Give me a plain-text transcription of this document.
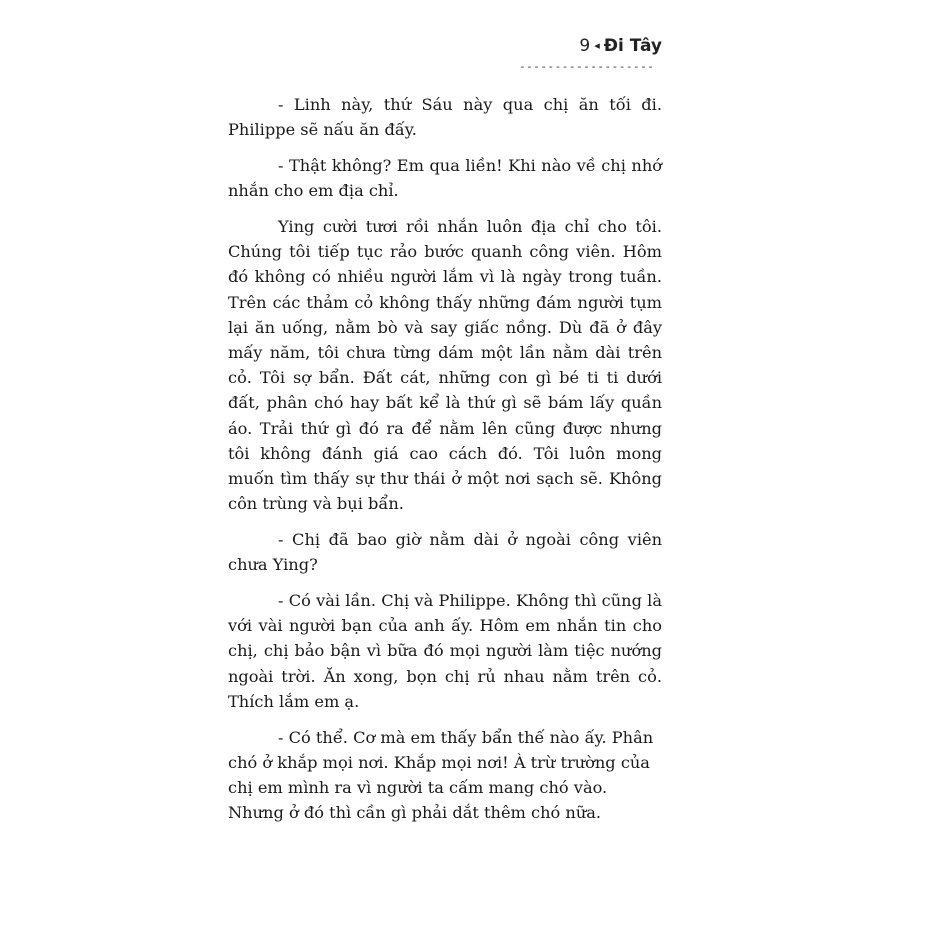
9 ◂ Đi Tây
-------------------

- Linh này, thứ Sáu này qua chị ăn tối đi. Philippe sẽ nấu ăn đấy.

- Thật không? Em qua liền! Khi nào về chị nhớ nhắn cho em địa chỉ.

Ying cười tươi rồi nhắn luôn địa chỉ cho tôi. Chúng tôi tiếp tục rảo bước quanh công viên. Hôm đó không có nhiều người lắm vì là ngày trong tuần. Trên các thảm cỏ không thấy những đám người tụm lại ăn uống, nằm bò và say giấc nồng. Dù đã ở đây mấy năm, tôi chưa từng dám một lần nằm dài trên cỏ. Tôi sợ bẩn. Đất cát, những con gì bé ti ti dưới đất, phân chó hay bất kể là thứ gì sẽ bám lấy quần áo. Trải thứ gì đó ra để nằm lên cũng được nhưng tôi không đánh giá cao cách đó. Tôi luôn mong muốn tìm thấy sự thư thái ở một nơi sạch sẽ. Không côn trùng và bụi bẩn.

- Chị đã bao giờ nằm dài ở ngoài công viên chưa Ying?

- Có vài lần. Chị và Philippe. Không thì cũng là với vài người bạn của anh ấy. Hôm em nhắn tin cho chị, chị bảo bận vì bữa đó mọi người làm tiệc nướng ngoài trời. Ăn xong, bọn chị rủ nhau nằm trên cỏ. Thích lắm em ạ.

- Có thể. Cơ mà em thấy bẩn thế nào ấy. Phân chó ở khắp mọi nơi. Khắp mọi nơi! À trừ trường của chị em mình ra vì người ta cấm mang chó vào. Nhưng ở đó thì cần gì phải dắt thêm chó nữa.
